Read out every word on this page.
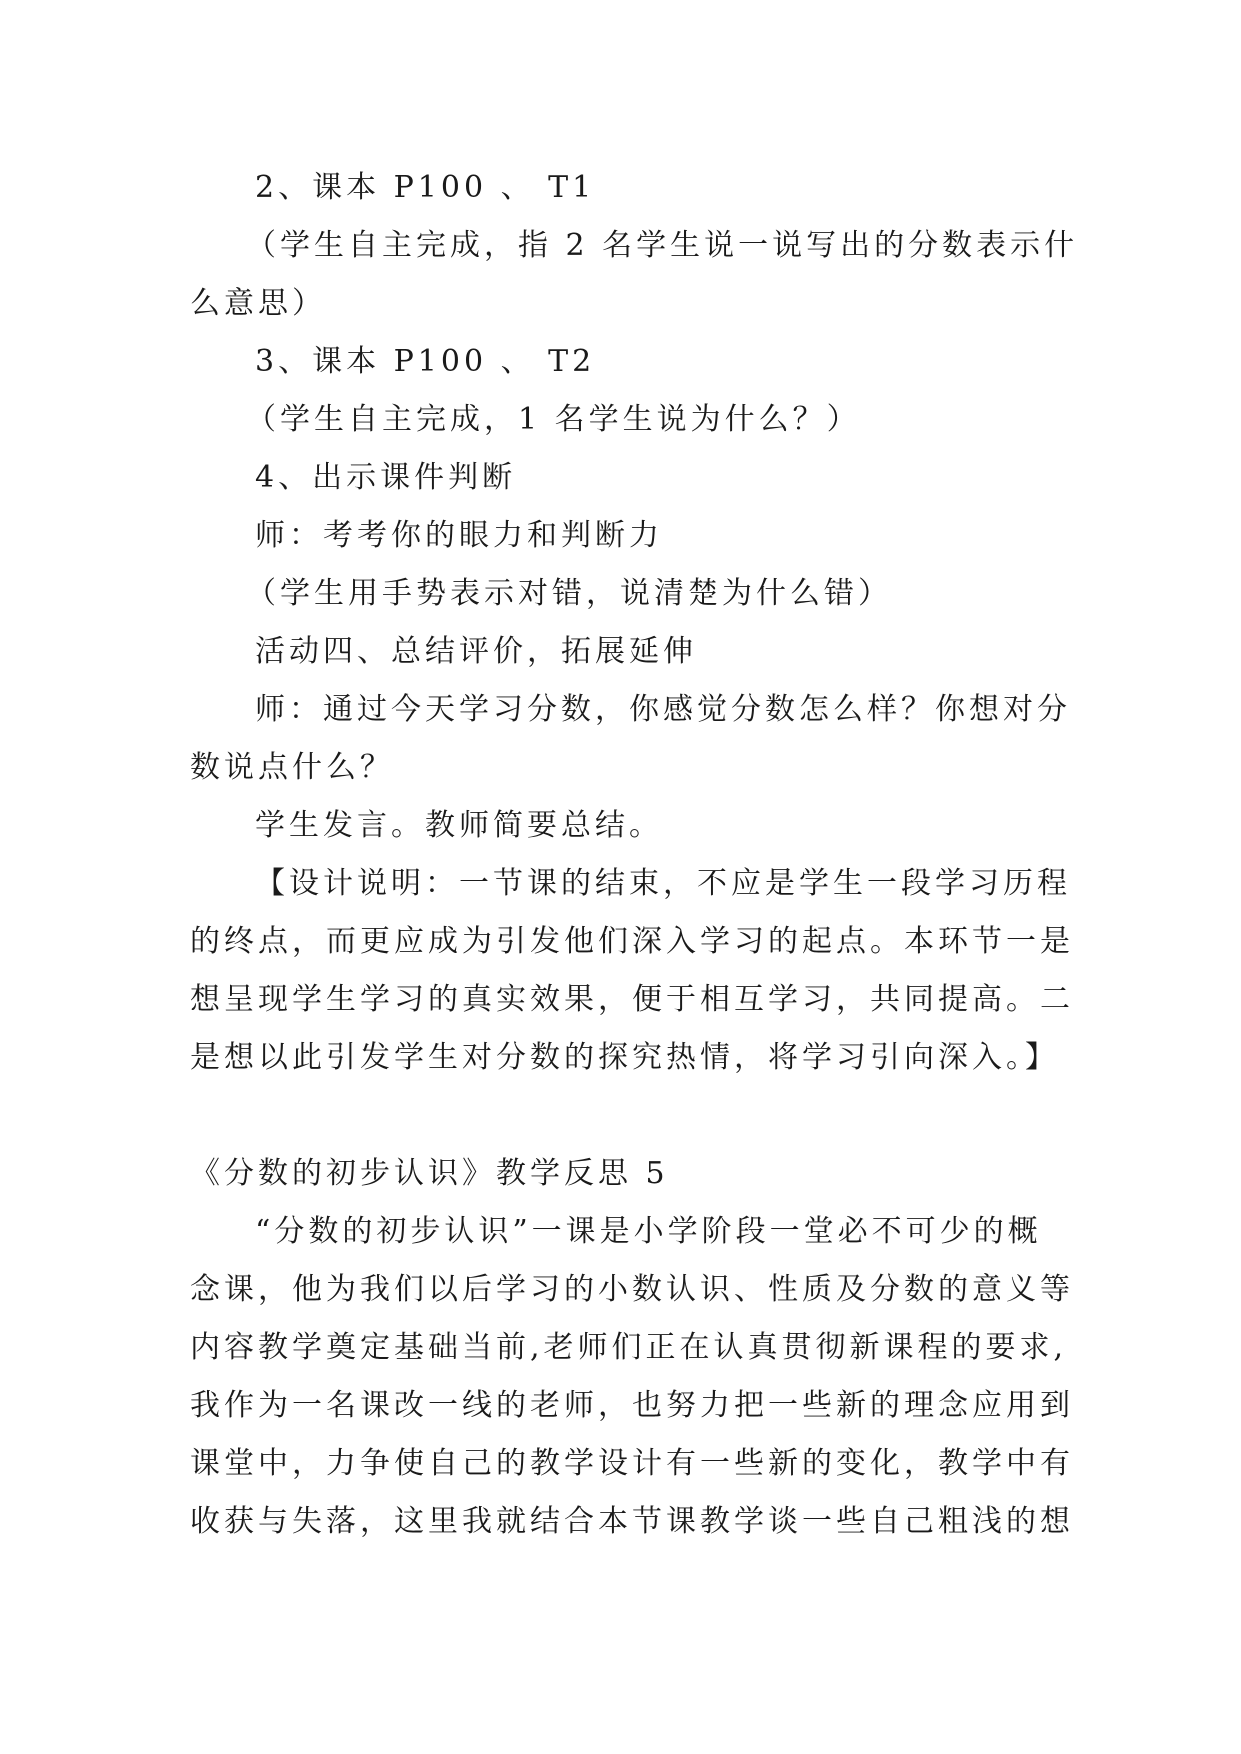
2、课本 P100 、 T1
（学生自主完成，指 2 名学生说一说写出的分数表示什
么意思）
3、课本 P100 、 T2
（学生自主完成，1 名学生说为什么？）
4、出示课件判断
师：考考你的眼力和判断力
（学生用手势表示对错，说清楚为什么错）
活动四、总结评价，拓展延伸
师：通过今天学习分数，你感觉分数怎么样？你想对分
数说点什么？
学生发言。教师简要总结。
【设计说明：一节课的结束，不应是学生一段学习历程
的终点，而更应成为引发他们深入学习的起点。本环节一是
想呈现学生学习的真实效果，便于相互学习，共同提高。二
是想以此引发学生对分数的探究热情，将学习引向深入。】
《分数的初步认识》教学反思 5
“分数的初步认识”一课是小学阶段一堂必不可少的概
念课，他为我们以后学习的小数认识、性质及分数的意义等
内容教学奠定基础当前,老师们正在认真贯彻新课程的要求,
我作为一名课改一线的老师，也努力把一些新的理念应用到
课堂中，力争使自己的教学设计有一些新的变化，教学中有
收获与失落，这里我就结合本节课教学谈一些自己粗浅的想
